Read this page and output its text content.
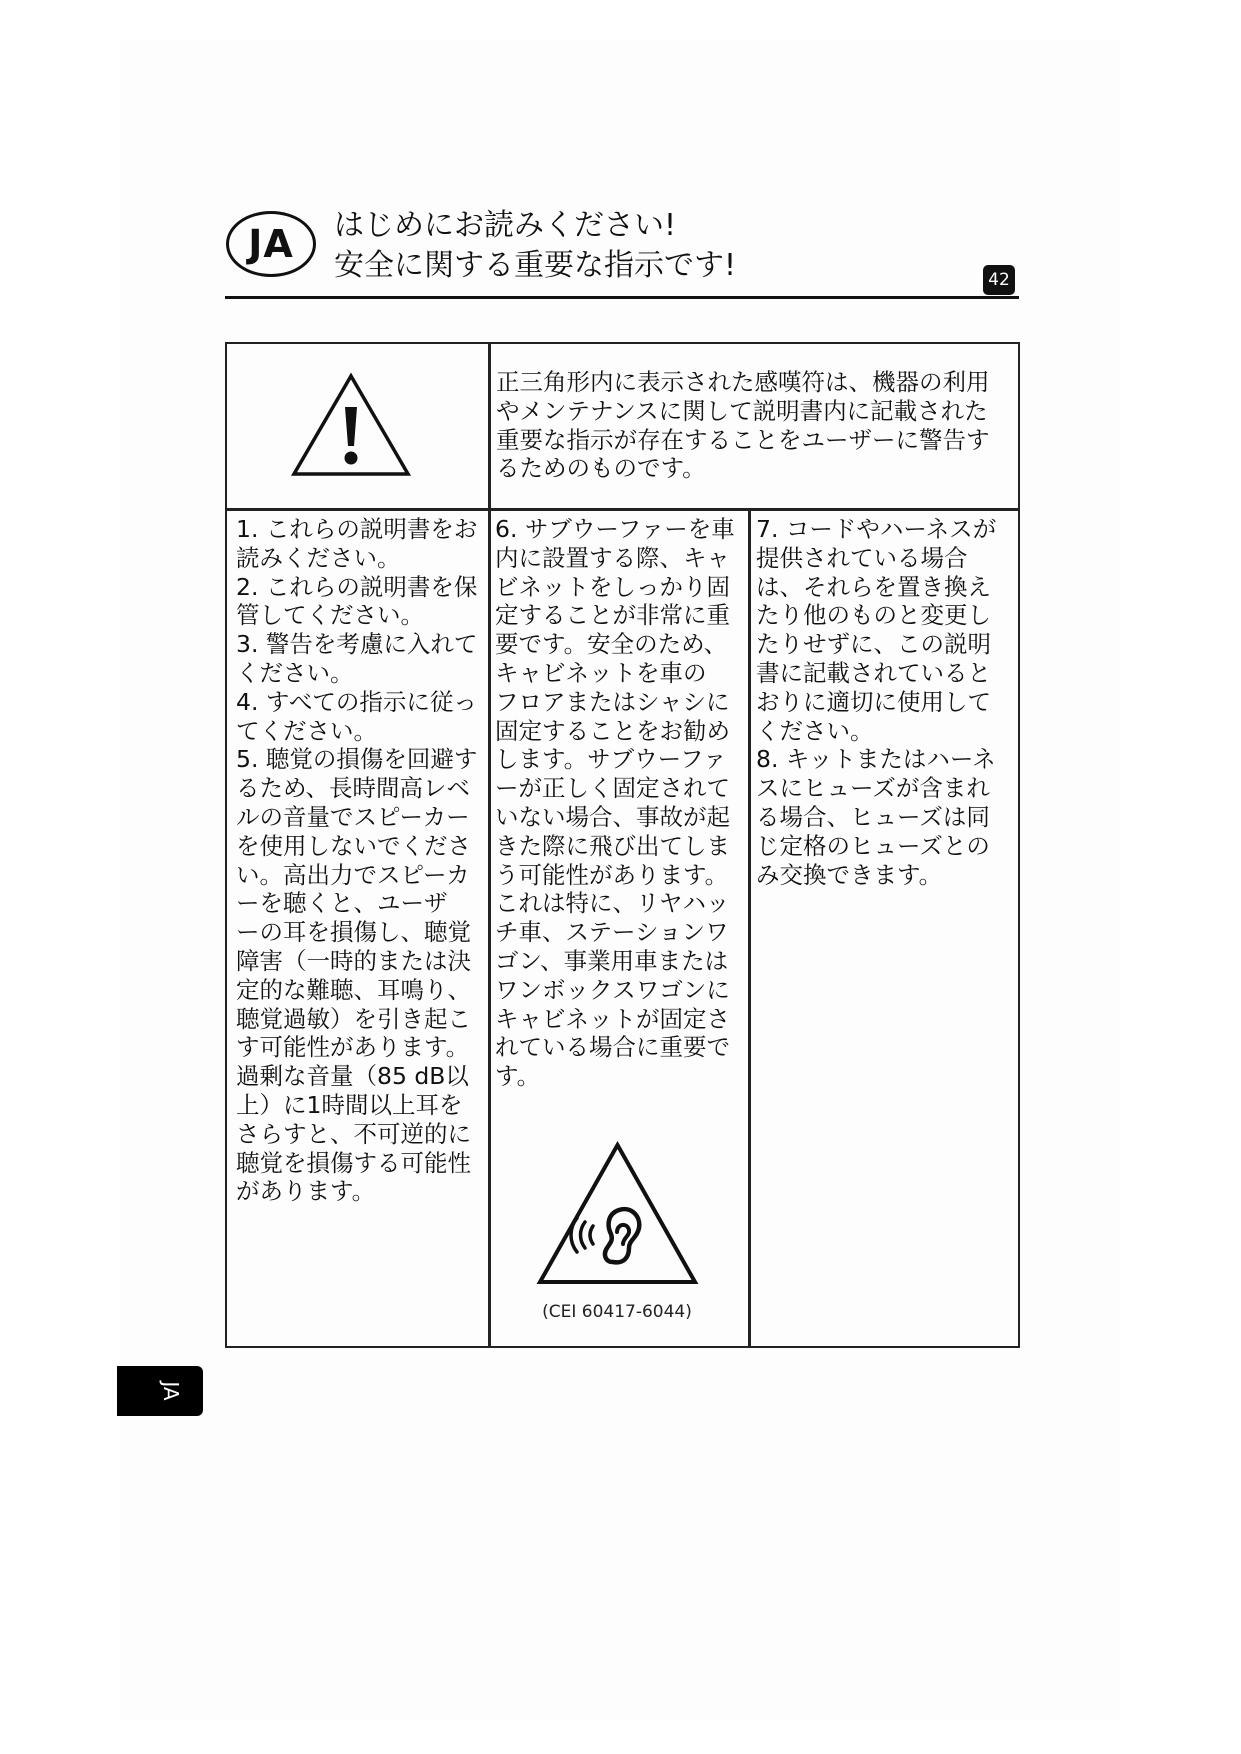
JA はじめにお読みください!
安全に関する重要な指示です!	42
正三角形内に表示された感嘆符は、機器の利用
やメンテナンスに関して説明書内に記載された
重要な指示が存在することをユーザーに警告す
るためのものです。
1. これらの説明書をお
読みください。
2. これらの説明書を保
管してください。
3. 警告を考慮に入れて
ください。
4. すべての指示に従っ
てください。
5. 聴覚の損傷を回避す
るため、長時間高レベ
ルの音量でスピーカー
を使用しないでくださ
い。高出力でスピーカ
ーを聴くと、ユーザ
ーの耳を損傷し、聴覚
障害（一時的または決
定的な難聴、耳鳴り、
聴覚過敏）を引き起こ
す可能性があります。
過剰な音量（85 dB以
上）に1時間以上耳を
さらすと、不可逆的に
聴覚を損傷する可能性
があります。
6. サブウーファーを車
内に設置する際、キャ
ビネットをしっかり固
定することが非常に重
要です。安全のため、
キャビネットを車の
フロアまたはシャシに
固定することをお勧め
します。サブウーファ
ーが正しく固定されて
いない場合、事故が起
きた際に飛び出てしま
う可能性があります。
これは特に、リヤハッ
チ車、ステーションワ
ゴン、事業用車または
ワンボックスワゴンに
キャビネットが固定さ
れている場合に重要で
す。
7. コードやハーネスが
提供されている場合
は、それらを置き換え
たり他のものと変更し
たりせずに、この説明
書に記載されていると
おりに適切に使用して
ください。
8. キットまたはハーネ
スにヒューズが含まれ
る場合、ヒューズは同
じ定格のヒューズとの
み交換できます。
(CEI 60417-6044)
JA
